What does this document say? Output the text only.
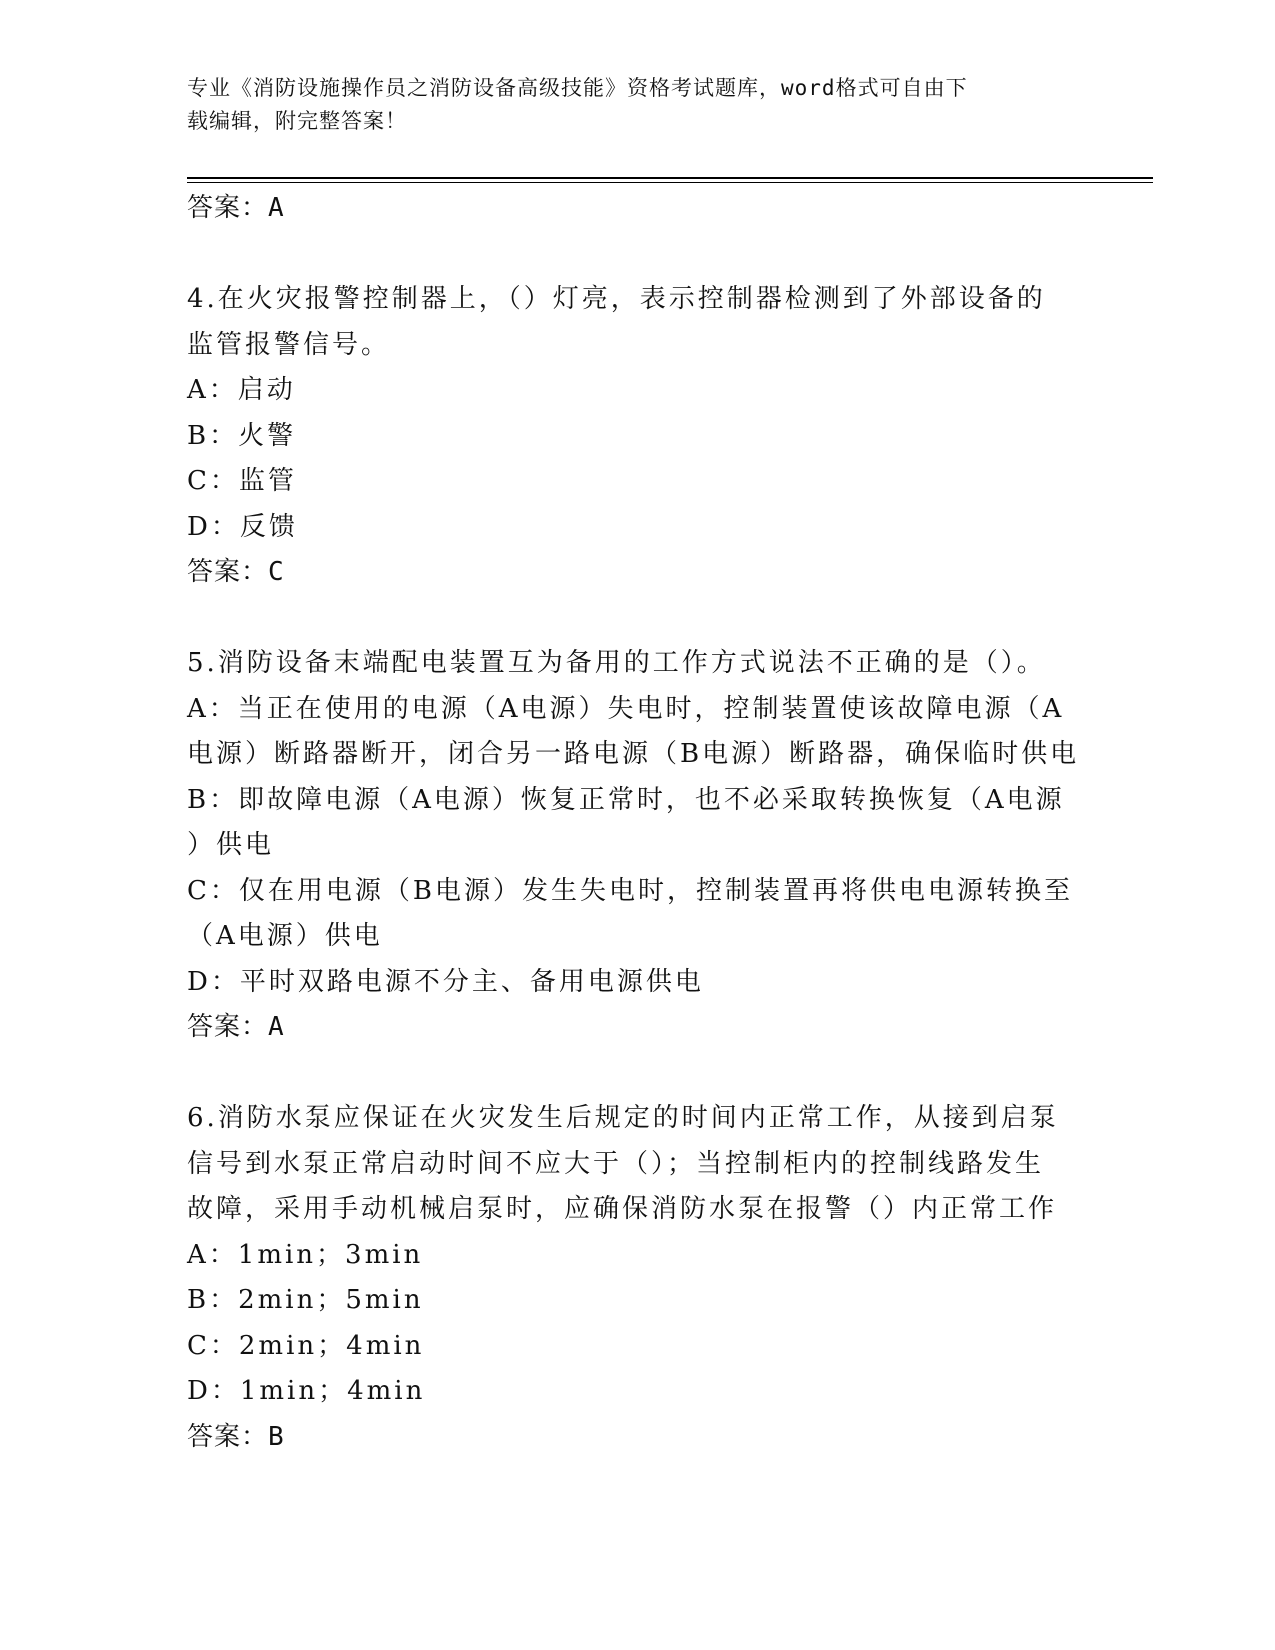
专业《消防设施操作员之消防设备高级技能》资格考试题库，word格式可自由下
载编辑，附完整答案！
答案：A
4.在火灾报警控制器上，（）灯亮，表示控制器检测到了外部设备的
监管报警信号。
A：启动
B：火警
C：监管
D：反馈
答案：C
5.消防设备末端配电装置互为备用的工作方式说法不正确的是（）。
A：当正在使用的电源（A电源）失电时，控制装置使该故障电源（A
电源）断路器断开，闭合另一路电源（B电源）断路器，确保临时供电
B：即故障电源（A电源）恢复正常时，也不必采取转换恢复（A电源
）供电
C：仅在用电源（B电源）发生失电时，控制装置再将供电电源转换至
（A电源）供电
D：平时双路电源不分主、备用电源供电
答案：A
6.消防水泵应保证在火灾发生后规定的时间内正常工作，从接到启泵
信号到水泵正常启动时间不应大于（）；当控制柜内的控制线路发生
故障，采用手动机械启泵时，应确保消防水泵在报警（）内正常工作
A：1min；3min
B：2min；5min
C：2min；4min
D：1min；4min
答案：B
